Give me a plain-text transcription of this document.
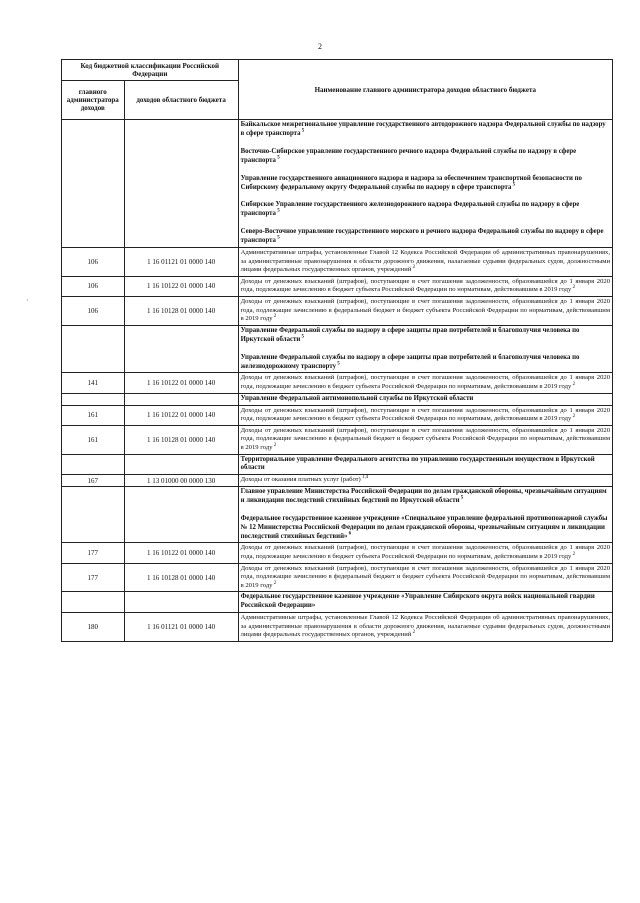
2
·
Код бюджетной классификации Российской Федерации		Наименование главного администратора доходов областного бюджета
главного администратора доходов	доходов областного бюджета	

		Байкальское межрегиональное управление государственного автодорожного надзора Федеральной службы по надзору в сфере транспорта $^5$
Восточно-Сибирское управление государственного речного надзора Федеральной службы по надзору в сфере транспорта $^5$
Управление государственного авиационного надзора и надзора за обеспечением транспортной безопасности по Сибирскому федеральному округу Федеральной службы по надзору в сфере транспорта $^5$
Сибирское Управление государственного железнодорожного надзора Федеральной службы по надзору в сфере транспорта $^5$
Северо-Восточное управление государственного морского и речного надзора Федеральной службы по надзору в сфере транспорта $^5$

106	1 16 01121 01 0000 140	Административные штрафы, установленные Главой 12 Кодекса Российской Федерации об административных правонарушениях, за административные правонарушения в области дорожного движения, налагаемые судьями федеральных судов, должностными лицами федеральных государственных органов, учреждений $^2$

106	1 16 10122 01 0000 140	Доходы от денежных взысканий (штрафов), поступающие в счет погашения задолженности, образовавшейся до 1 января 2020 года, подлежащие зачислению в бюджет субъекта Российской Федерации по нормативам, действовавшим в 2019 году $^2$

106	1 16 10128 01 0000 140	Доходы от денежных взысканий (штрафов), поступающие в счет погашения задолженности, образовавшейся до 1 января 2020 года, подлежащие зачислению в федеральный бюджет и бюджет субъекта Российской Федерации по нормативам, действовавшим в 2019 году $^2$

		Управление Федеральной службы по надзору в сфере защиты прав потребителей и благополучия человека по Иркутской области $^5$
Управление Федеральной службы по надзору в сфере защиты прав потребителей и благополучия человека по железнодорожному транспорту $^5$

141	1 16 10122 01 0000 140	Доходы от денежных взысканий (штрафов), поступающие в счет погашения задолженности, образовавшейся до 1 января 2020 года, подлежащие зачислению в бюджет субъекта Российской Федерации по нормативам, действовавшим в 2019 году $^2$

		Управление Федеральной антимонопольной службы по Иркутской области

161	1 16 10122 01 0000 140	Доходы от денежных взысканий (штрафов), поступающие в счет погашения задолженности, образовавшейся до 1 января 2020 года, подлежащие зачислению в бюджет субъекта Российской Федерации по нормативам, действовавшим в 2019 году $^2$

161	1 16 10128 01 0000 140	Доходы от денежных взысканий (штрафов), поступающие в счет погашения задолженности, образовавшейся до 1 января 2020 года, подлежащие зачислению в федеральный бюджет и бюджет субъекта Российской Федерации по нормативам, действовавшим в 2019 году $^2$

		Территориальное управление Федерального агентства по управлению государственным имуществом в Иркутской области

167	1 13 01000 00 0000 130	Доходы от оказания платных услуг (работ) $^{1,4}$

		Главное управление Министерства Российской Федерации по делам гражданской обороны, чрезвычайным ситуациям и ликвидации последствий стихийных бедствий по Иркутской области $^5$
Федеральное государственное казенное учреждение «Специальное управление федеральной противопожарной службы № 12 Министерства Российской Федерации по делам гражданской обороны, чрезвычайным ситуациям и ликвидации последствий стихийных бедствий» $^6$

177	1 16 10122 01 0000 140	Доходы от денежных взысканий (штрафов), поступающие в счет погашения задолженности, образовавшейся до 1 января 2020 года, подлежащие зачислению в бюджет субъекта Российской Федерации по нормативам, действовавшим в 2019 году $^2$

177	1 16 10128 01 0000 140	Доходы от денежных взысканий (штрафов), поступающие в счет погашения задолженности, образовавшейся до 1 января 2020 года, подлежащие зачислению в федеральный бюджет и бюджет субъекта Российской Федерации по нормативам, действовавшим в 2019 году $^2$

		Федеральное государственное казенное учреждение «Управление Сибирского округа войск национальной гвардии Российской Федерации»

180	1 16 01121 01 0000 140	Административные штрафы, установленные Главой 12 Кодекса Российской Федерации об административных правонарушениях, за административные правонарушения в области дорожного движения, налагаемые судьями федеральных судов, должностными лицами федеральных государственных органов, учреждений $^2$
